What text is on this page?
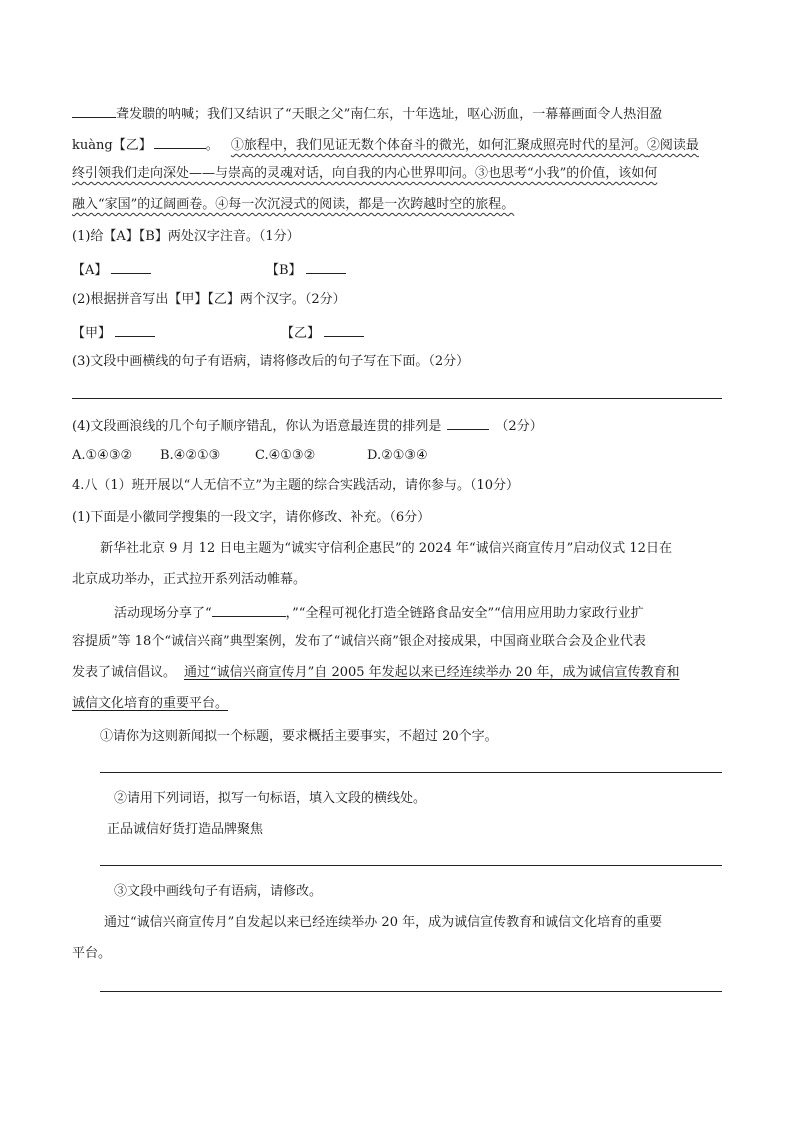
聋发聩的呐喊；我们又结识了“天眼之父”南仁东，十年选址，呕心沥血，一幕幕画面令人热泪盈
kuàng【乙】	。 ①旅程中，我们见证无数个体奋斗的微光，如何汇聚成照亮时代的星河。②阅读最
终引领我们走向深处——与崇高的灵魂对话，向自我的内心世界叩问。③也思考“小我”的价值，该如何
融入“家国”的辽阔画卷。④每一次沉浸式的阅读，都是一次跨越时空的旅程。
(1)给【A】【B】两处汉字注音。（1分）
【A】	【B】
(2)根据拼音写出【甲】【乙】两个汉字。（2分）
【甲】	【乙】
(3)文段中画横线的句子有语病，请将修改后的句子写在下面。（2分）
(4)文段画浪线的几个句子顺序错乱，你认为语意最连贯的排列是	（2分）
A.①④③② B.④②①③	C.④①③②	D.②①③④
4.八（1）班开展以“人无信不立”为主题的综合实践活动，请你参与。（10分）
(1)下面是小徽同学搜集的一段文字，请你修改、补充。（6分）
新华社北京 9 月 12 日电主题为“诚实守信利企惠民”的 2024 年“诚信兴商宣传月”启动仪式 12日在
北京成功举办，正式拉开系列活动帷幕。
活动现场分享了“	，”“全程可视化打造全链路食品安全”“信用应用助力家政行业扩
容提质”等 18个“诚信兴商”典型案例，发布了“诚信兴商”银企对接成果，中国商业联合会及企业代表
发表了诚信倡议。 通过“诚信兴商宣传月”自 2005 年发起以来已经连续举办 20 年，成为诚信宣传教育和
诚信文化培育的重要平台。
①请你为这则新闻拟一个标题，要求概括主要事实，不超过 20个字。
②请用下列词语，拟写一句标语，填入文段的横线处。
正品诚信好货打造品牌聚焦
③文段中画线句子有语病，请修改。
通过“诚信兴商宣传月”自发起以来已经连续举办 20 年，成为诚信宣传教育和诚信文化培育的重要
平台。
